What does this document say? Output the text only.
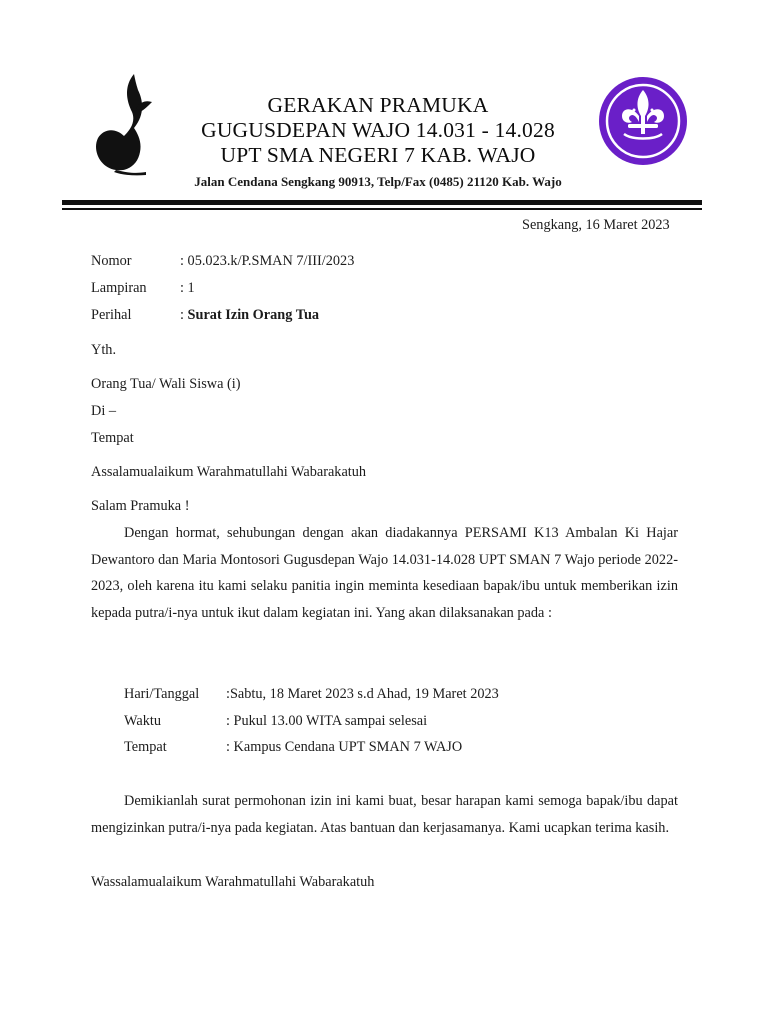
GERAKAN PRAMUKA
GUGUSDEPAN WAJO 14.031 - 14.028
UPT SMA NEGERI 7 KAB. WAJO
Jalan Cendana Sengkang 90913, Telp/Fax (0485) 21120 Kab. Wajo
Sengkang, 16 Maret 2023
Nomor	: 05.023.k/P.SMAN 7/III/2023
Lampiran : 1
Perihal	: Surat Izin Orang Tua
Yth.
Orang Tua/ Wali Siswa (i)
Di –
Tempat
Assalamualaikum Warahmatullahi Wabarakatuh
Salam Pramuka !
Dengan hormat, sehubungan dengan akan diadakannya PERSAMI K13 Ambalan Ki Hajar Dewantoro dan Maria Montosori Gugusdepan Wajo 14.031-14.028 UPT SMAN 7 Wajo periode 2022-2023, oleh karena itu kami selaku panitia ingin meminta kesediaan bapak/ibu untuk memberikan izin kepada putra/i-nya untuk ikut dalam kegiatan ini. Yang akan dilaksanakan pada :
Hari/Tanggal :Sabtu, 18 Maret 2023 s.d Ahad, 19 Maret 2023
Waktu	: Pukul 13.00 WITA sampai selesai
Tempat	: Kampus Cendana UPT SMAN 7 WAJO
Demikianlah surat permohonan izin ini kami buat, besar harapan kami semoga bapak/ibu dapat mengizinkan putra/i-nya pada kegiatan. Atas bantuan dan kerjasamanya. Kami ucapkan terima kasih.
Wassalamualaikum Warahmatullahi Wabarakatuh
